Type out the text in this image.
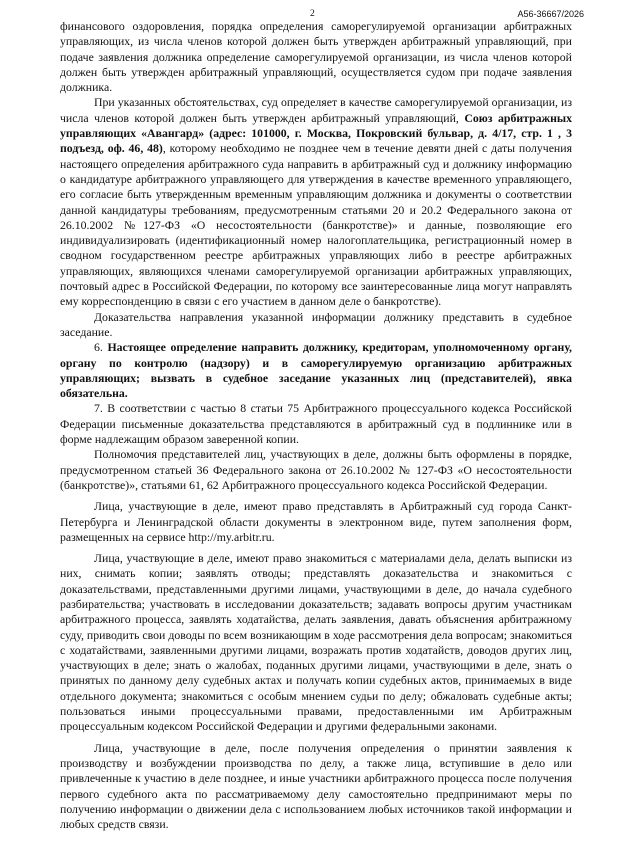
2	А56-36667/2026

финансового оздоровления, порядка определения саморегулируемой организации арбитражных управляющих, из числа членов которой должен быть утвержден арбитражный управляющий, при подаче заявления должника определение саморегулируемой организации, из числа членов которой должен быть утвержден арбитражный управляющий, осуществляется судом при подаче заявления должника.

При указанных обстоятельствах, суд определяет в качестве саморегулируемой организации, из числа членов которой должен быть утвержден арбитражный управляющий, Союз арбитражных управляющих «Авангард» (адрес: 101000, г. Москва, Покровский бульвар, д. 4/17, стр. 1 , 3 подъезд, оф. 46, 48), которому необходимо не позднее чем в течение девяти дней с даты получения настоящего определения арбитражного суда направить в арбитражный суд и должнику информацию о кандидатуре арбитражного управляющего для утверждения в качестве временного управляющего, его согласие быть утвержденным временным управляющим должника и документы о соответствии данной кандидатуры требованиям, предусмотренным статьями 20 и 20.2 Федерального закона от 26.10.2002 №127-ФЗ «О несостоятельности (банкротстве)» и данные, позволяющие его индивидуализировать (идентификационный номер налогоплательщика, регистрационный номер в сводном государственном реестре арбитражных управляющих либо в реестре арбитражных управляющих, являющихся членами саморегулируемой организации арбитражных управляющих, почтовый адрес в Российской Федерации, по которому все заинтересованные лица могут направлять ему корреспонденцию в связи с его участием в данном деле о банкротстве).

Доказательства направления указанной информации должнику представить в судебное заседание.

6. Настоящее определение направить должнику, кредиторам, уполномоченному органу, органу по контролю (надзору) и в саморегулируемую организацию арбитражных управляющих; вызвать в судебное заседание указанных лиц (представителей), явка обязательна.

7. В соответствии с частью 8 статьи 75 Арбитражного процессуального кодекса Российской Федерации письменные доказательства представляются в арбитражный суд в подлиннике или в форме надлежащим образом заверенной копии.

Полномочия представителей лиц, участвующих в деле, должны быть оформлены в порядке, предусмотренном статьей 36 Федерального закона от 26.10.2002 № 127-ФЗ «О несостоятельности (банкротстве)», статьями 61, 62 Арбитражного процессуального кодекса Российской Федерации.

Лица, участвующие в деле, имеют право представлять в Арбитражный суд города Санкт-Петербурга и Ленинградской области документы в электронном виде, путем заполнения форм, размещенных на сервисе http://my.arbitr.ru.

Лица, участвующие в деле, имеют право знакомиться с материалами дела, делать выписки из них, снимать копии; заявлять отводы; представлять доказательства и знакомиться с доказательствами, представленными другими лицами, участвующими в деле, до начала судебного разбирательства; участвовать в исследовании доказательств; задавать вопросы другим участникам арбитражного процесса, заявлять ходатайства, делать заявления, давать объяснения арбитражному суду, приводить свои доводы по всем возникающим в ходе рассмотрения дела вопросам; знакомиться с ходатайствами, заявленными другими лицами, возражать против ходатайств, доводов других лиц, участвующих в деле; знать о жалобах, поданных другими лицами, участвующими в деле, знать о принятых по данному делу судебных актах и получать копии судебных актов, принимаемых в виде отдельного документа; знакомиться с особым мнением судьи по делу; обжаловать судебные акты; пользоваться иными процессуальными правами, предоставленными им Арбитражным процессуальным кодексом Российской Федерации и другими федеральными законами.

Лица, участвующие в деле, после получения определения о принятии заявления к производству и возбуждении производства по делу, а также лица, вступившие в дело или привлеченные к участию в деле позднее, и иные участники арбитражного процесса после получения первого судебного акта по рассматриваемому делу самостоятельно предпринимают меры по получению информации о движении дела с использованием любых источников такой информации и любых средств связи.
